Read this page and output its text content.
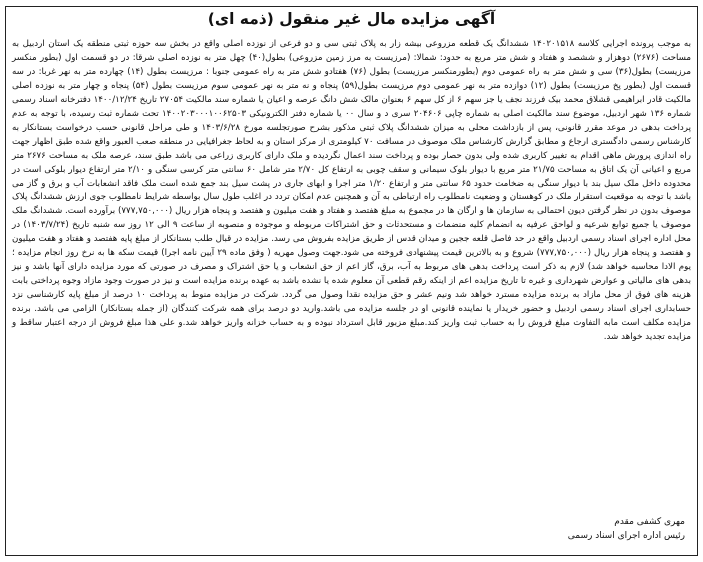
آگهی مزایده مال غیر منقول (ذمه ای)

به موجب پرونده اجرایی کلاسه ۱۴۰۲۰۱۵۱۸ ششدانگ یک قطعه مزروعی بیشه زار به پلاک ثبتی سی و دو فرعی از نوزده اصلی واقع در بخش سه حوزه ثبتی منطقه یک استان اردبیل به مساحت (۲۶۷۶) دوهزار و ششصد و هفتاد و شش متر مربع به حدود: شمالا: (مرزیست به مرز زمین مزروعی) بطول(۴۰) چهل متر به نوزده اصلی شرقا: در دو قسمت اول (بطور منکسر مرزیست) بطول(۳۶) سی و شش متر به راه عمومی دوم (بطورمنکسر مرزیست) بطول (۷۶) هفتادو شش متر به راه عمومی جنوبا : مرزیست بطول (۱۴) چهارده متر به نهر غربا: در سه قسمت اول (بطور پخ مرزیست) بطول (۱۲) دوازده متر به نهر عمومی دوم مرزیست بطول(۵۹) پنجاه و نه متر به نهر عمومی سوم مرزیست بطول (۵۴) پنجاه و چهار متر به نوزده اصلی مالکیت قادر ابراهیمی قشلاق محمد بیک فرزند نجف یا جز سهم ۶ از کل سهم ۶ بعنوان مالک شش دانگ عرصه و اعیان یا شماره سند مالکیت ۲۷۰۵۴ تاریخ ۱۴۰۰/۱۲/۲۴ دفترخانه اسناد رسمی شماره ۱۳۶ شهر اردبیل، موضوع سند مالکیت اصلی به شماره چاپی ۲۰۴۶۰۶ سری د و سال ۰۰ یا شماره دفتر الکترونیکی ۱۴۰۰۲۰۳۰۰۰۱۰۰۶۲۵۰۳ تحت شماره ثبت رسیده، با توجه به عدم پرداخت بدهی در موعد مقرر قانونی، پس از بازداشت محلی به میزان ششدانگ پلاک ثبتی مذکور بشرح صورتجلسه مورخ ۱۴۰۳/۶/۲۸ و طی مراحل قانونی حسب درخواست بستانکار به کارشناس رسمی دادگستری ارجاع و مطابق گزارش کارشناس ملک موصوف در مسافت ۷۰ کیلومتری از مرکز استان و به لحاظ جغرافیایی در منطقه صعب العبور واقع شده طبق اظهار جهت راه اندازی پرورش ماهی اقدام به تغییر کاربری شده ولی بدون حصار بوده و پرداخت سند اعمال نگردیده و ملک دارای کاربری زراعی می باشد طبق سند، عرصه ملک به مساحت ۲۶۷۶ متر مربع و اعیانی آن یک اتاق به مساحت ۲۱/۷۵ متر مربع با دیوار بلوک سیمانی و سقف چوبی به ارتفاع کل ۲/۷۰ متر شامل ۶۰ سانتی متر کرسی سنگی و ۲/۱۰ متر ارتفاع دیوار بلوکی است در محدوده داخل ملک سیل بند با دیوار سنگی به ضخامت حدود ۶۵ سانتی متر و ارتفاع ۱/۲۰ متر اجرا و ابهای جاری در پشت سیل بند جمع شده است ملک فاقد انشعابات آب و برق و گاز می باشد با توجه به موقعیت استقرار ملک در کوهستان و وضعیت نامطلوب راه ارتباطی به آن و همچنین عدم امکان تردد در اغلب طول سال بواسطه شرایط نامطلوب جوی ارزش ششدانگ پلاک موصوف بدون در نظر گرفتن دیون احتمالی به سازمان ها و ارگان ها در مجموع به مبلغ هفتصد و هفتاد و هفت میلیون و هفتصد و پنجاه هزار ریال (۷۷۷,۷۵۰,۰۰۰) برآورده است. ششدانگ ملک موصوف یا جمیع توابع شرعیه و لواحق عرفیه به انضمام کلیه منضمات و مستحدثات و حق اشتراکات مربوطه و موجوده و منصوبه از ساعت ۹ الی ۱۲ روز سه شنبه تاریخ (۱۴۰۳/۷/۲۴) در محل اداره اجرای اسناد رسمی اردبیل واقع در حد فاصل قلعه ججین و میدان قدس از طریق مزایده بفروش می رسد. مزایده در قبال طلب بستانکار از مبلغ پایه هفتصد و هفتاد و هفت میلیون و هفتصد و پنجاه هزار ریال (۷۷۷,۷۵۰,۰۰۰) شروع و به بالاترین قیمت پیشنهادی فروخته می شود.جهت وصول مهریه ( وفق ماده ۲۹ آیین نامه اجرا) قیمت سکه ها به نرخ روز انجام مزایده ؛ یوم الادا محاسبه خواهد شد) لازم به ذکر است پرداخت بدهی های مربوط به آب، برق، گاز اعم از حق انشعاب و یا حق اشتراک و مصرف در صورتی که مورد مزایده دارای آنها باشد و نیز بدهی های مالیاتی و عوارض شهرداری و غیره تا تاریخ مزایده اعم از اینکه رقم قطعی آن معلوم شده یا نشده باشد به عهده برنده مزایده است و نیز در صورت وجود مازاد وجوه پرداختی بابت هزینه های فوق از محل مازاد به برنده مزایده مسترد خواهد شد ونیم عشر و حق مزایده نقدا وصول می گردد. شرکت در مزایده منوط به پرداخت ۱۰ درصد از مبلغ پایه کارشناسی نزد حسابداری اجرای اسناد رسمی اردبیل و حضور خریدار یا نماینده قانونی او در جلسه مزایده می باشد.وارید دو درصد برای همه شرکت کنندگان (از جمله بستانکار) الزامی می باشد. برنده مزایده مکلف است مابه التفاوت مبلغ فروش را به حساب ثبت واریز کند.مبلغ مزبور قابل استرداد نبوده و به حساب خزانه واریز خواهد شد.و علی هذا مبلغ فروش از درجه اعتبار ساقط و مزایده تجدید خواهد شد.

مهری کشفی مقدم
رئیس اداره اجرای اسناد رسمی
